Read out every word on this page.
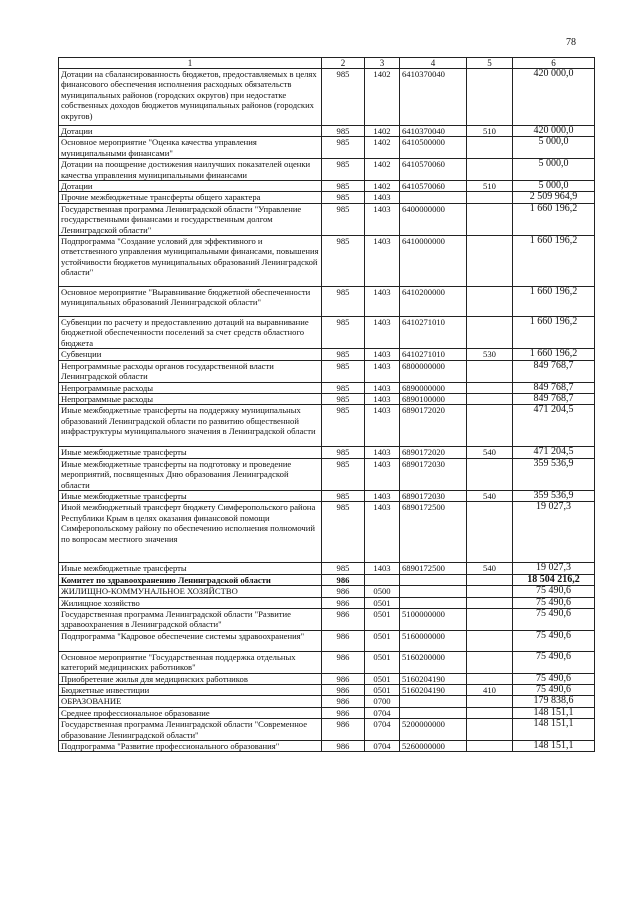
78
1	2	3	4	5	6
Дотации на сбалансированность бюджетов, предоставляемых в целях финансового обеспечения исполнения расходных обязательств муниципальных районов (городских округов) при недостатке собственных доходов бюджетов муниципальных районов (городских округов)	985	1402	6410370040		420 000,0
Дотации	985	1402	6410370040	510	420 000,0
Основное мероприятие "Оценка качества управления муниципальными финансами"	985	1402	6410500000		5 000,0
Дотации на поощрение достижения наилучших показателей оценки качества управления муниципальными финансами	985	1402	6410570060		5 000,0
Дотации	985	1402	6410570060	510	5 000,0
Прочие межбюджетные трансферты общего характера	985	1403			2 509 964,9
Государственная программа Ленинградской области "Управление государственными финансами и государственным долгом Ленинградской области"	985	1403	6400000000		1 660 196,2
Подпрограмма "Создание условий для эффективного и ответственного управления муниципальными финансами, повышения устойчивости бюджетов муниципальных образований Ленинградской области"	985	1403	6410000000		1 660 196,2
Основное мероприятие "Выравнивание бюджетной обеспеченности муниципальных образований Ленинградской области"	985	1403	6410200000		1 660 196,2
Субвенции по расчету и предоставлению дотаций на выравнивание бюджетной обеспеченности поселений за счет средств областного бюджета	985	1403	6410271010		1 660 196,2
Субвенции	985	1403	6410271010	530	1 660 196,2
Непрограммные расходы органов государственной власти Ленинградской области	985	1403	6800000000		849 768,7
Непрограммные расходы	985	1403	6890000000		849 768,7
Непрограммные расходы	985	1403	6890100000		849 768,7
Иные межбюджетные трансферты на поддержку муниципальных образований Ленинградской области по развитию общественной инфраструктуры муниципального значения в Ленинградской области	985	1403	6890172020		471 204,5
Иные межбюджетные трансферты	985	1403	6890172020	540	471 204,5
Иные межбюджетные трансферты на подготовку и проведение мероприятий, посвященных Дню образования Ленинградской области	985	1403	6890172030		359 536,9
Иные межбюджетные трансферты	985	1403	6890172030	540	359 536,9
Иной межбюджетный трансферт бюджету Симферопольского района Республики Крым в целях оказания финансовой помощи Симферопольскому району по обеспечению исполнения полномочий по вопросам местного значения	985	1403	6890172500		19 027,3
Иные межбюджетные трансферты	985	1403	6890172500	540	19 027,3
Комитет по здравоохранению Ленинградской области	986				18 504 216,2
ЖИЛИЩНО-КОММУНАЛЬНОЕ ХОЗЯЙСТВО	986	0500			75 490,6
Жилищное хозяйство	986	0501			75 490,6
Государственная программа Ленинградской области "Развитие здравоохранения в Ленинградской области"	986	0501	5100000000		75 490,6
Подпрограмма "Кадровое обеспечение системы здравоохранения"	986	0501	5160000000		75 490,6
Основное мероприятие "Государственная поддержка отдельных категорий медицинских работников"	986	0501	5160200000		75 490,6
Приобретение жилья для медицинских работников	986	0501	5160204190		75 490,6
Бюджетные инвестиции	986	0501	5160204190	410	75 490,6
ОБРАЗОВАНИЕ	986	0700			179 838,6
Среднее профессиональное образование	986	0704			148 151,1
Государственная программа Ленинградской области "Современное образование Ленинградской области"	986	0704	5200000000		148 151,1
Подпрограмма "Развитие профессионального образования"	986	0704	5260000000		148 151,1
